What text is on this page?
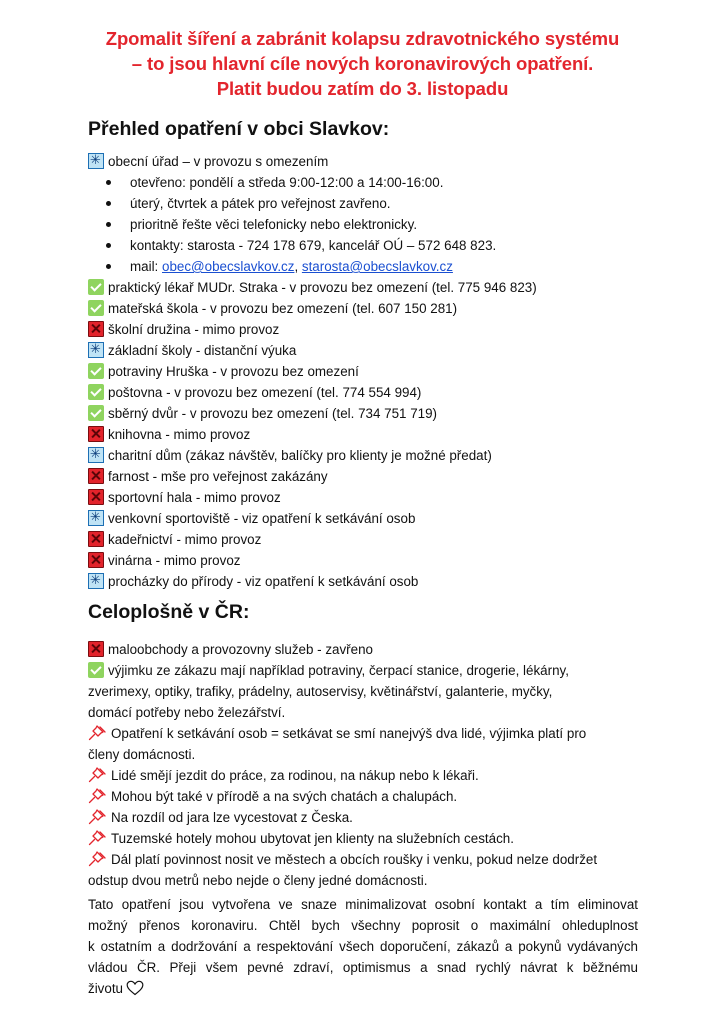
Zpomalit šíření a zabránit kolapsu zdravotnického systému
– to jsou hlavní cíle nových koronavirových opatření.
Platit budou zatím do 3. listopadu
Přehled opatření v obci Slavkov:
✳ obecní úřad – v provozu s omezením
otevřeno: pondělí a středa 9:00-12:00 a 14:00-16:00.
úterý, čtvrtek a pátek pro veřejnost zavřeno.
prioritně řešte věci telefonicky nebo elektronicky.
kontakty: starosta - 724 178 679, kancelář OÚ – 572 648 823.
mail: obec@obecslavkov.cz, starosta@obecslavkov.cz
praktický lékař MUDr. Straka - v provozu bez omezení (tel. 775 946 823)
mateřská škola - v provozu bez omezení (tel. 607 150 281)
školní družina - mimo provoz
✳ základní školy - distanční výuka
potraviny Hruška - v provozu bez omezení
poštovna - v provozu bez omezení (tel. 774 554 994)
sběrný dvůr - v provozu bez omezení (tel. 734 751 719)
knihovna - mimo provoz
✳ charitní dům (zákaz návštěv, balíčky pro klienty je možné předat)
farnost - mše pro veřejnost zakázány
sportovní hala - mimo provoz
✳ venkovní sportoviště - viz opatření k setkávání osob
kadeřnictví - mimo provoz
vinárna - mimo provoz
✳ procházky do přírody - viz opatření k setkávání osob
Celoplošně v ČR:
maloobchody a provozovny služeb - zavřeno
výjimku ze zákazu mají například potraviny, čerpací stanice, drogerie, lékárny,
zverimexy, optiky, trafiky, prádelny, autoservisy, květinářství, galanterie, myčky,
domácí potřeby nebo železářství.
Opatření k setkávání osob = setkávat se smí nanejvýš dva lidé, výjimka platí pro
členy domácnosti.
Lidé smějí jezdit do práce, za rodinou, na nákup nebo k lékaři.
Mohou být také v přírodě a na svých chatách a chalupách.
Na rozdíl od jara lze vycestovat z Česka.
Tuzemské hotely mohou ubytovat jen klienty na služebních cestách.
Dál platí povinnost nosit ve městech a obcích roušky i venku, pokud nelze dodržet
odstup dvou metrů nebo nejde o členy jedné domácnosti.
Tato opatření jsou vytvořena ve snaze minimalizovat osobní kontakt a tím eliminovat
možný přenos koronaviru. Chtěl bych všechny poprosit o maximální ohleduplnost
k ostatním a dodržování a respektování všech doporučení, zákazů a pokynů vydávaných
vládou ČR. Přeji všem pevné zdraví, optimismus a snad rychlý návrat k běžnému
životu
